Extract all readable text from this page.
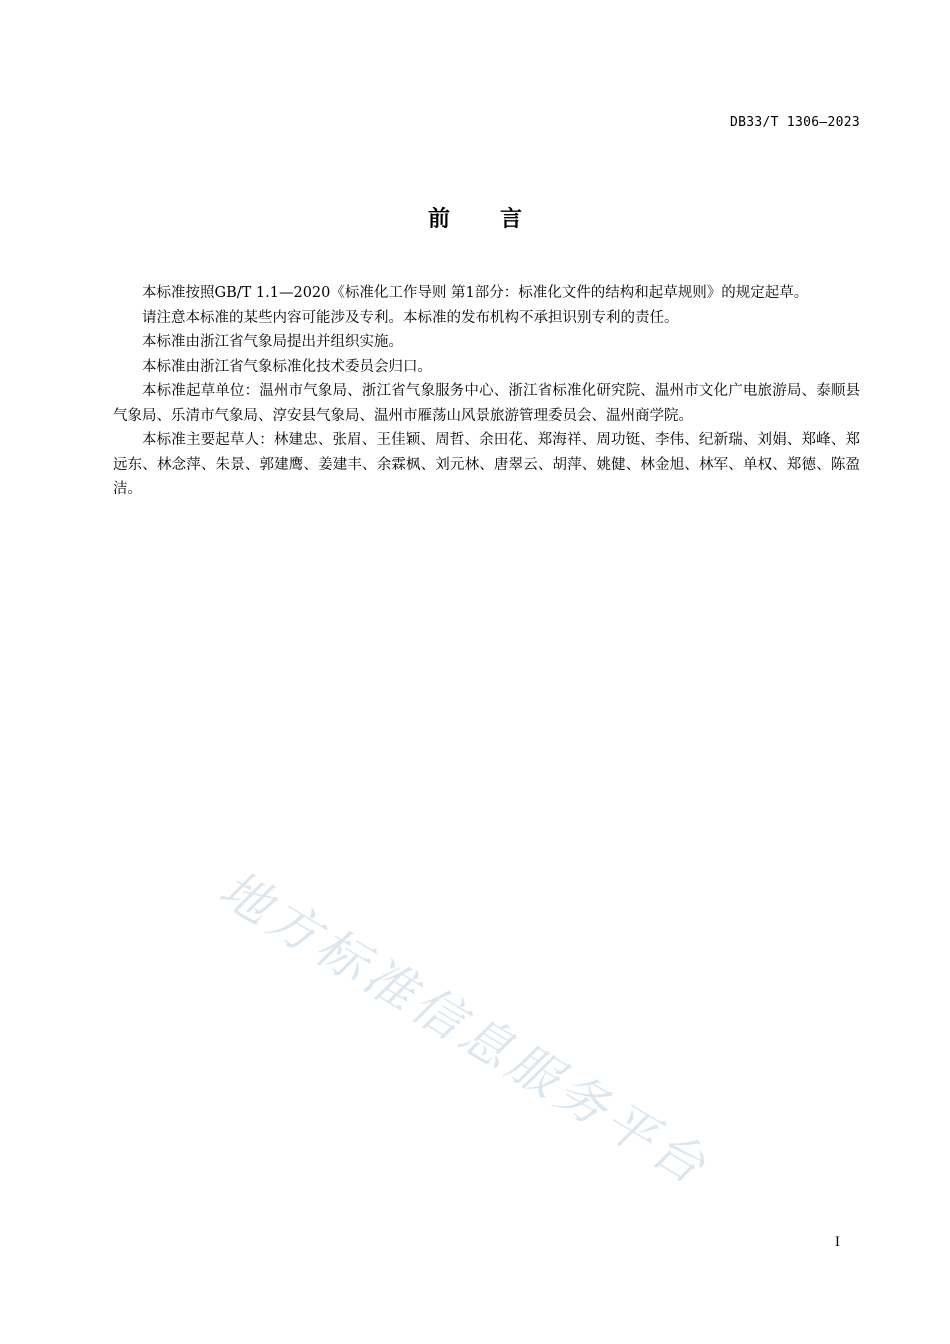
DB33/T 1306—2023
前言

本标准按照GB/T 1.1—2020《标准化工作导则 第1部分：标准化文件的结构和起草规则》的规定起草。

请注意本标准的某些内容可能涉及专利。本标准的发布机构不承担识别专利的责任。

本标准由浙江省气象局提出并组织实施。

本标准由浙江省气象标准化技术委员会归口。

本标准起草单位：温州市气象局、浙江省气象服务中心、浙江省标准化研究院、温州市文化广电旅游局、泰顺县气象局、乐清市气象局、淳安县气象局、温州市雁荡山风景旅游管理委员会、温州商学院。

本标准主要起草人：林建忠、张眉、王佳颖、周哲、余田花、郑海祥、周功铤、李伟、纪新瑞、刘娟、郑峰、郑远东、林念萍、朱景、郭建鹰、姜建丰、余霖枫、刘元林、唐翠云、胡萍、姚健、林金旭、林军、单权、郑德、陈盈洁。

地方标准信息服务平台
I
